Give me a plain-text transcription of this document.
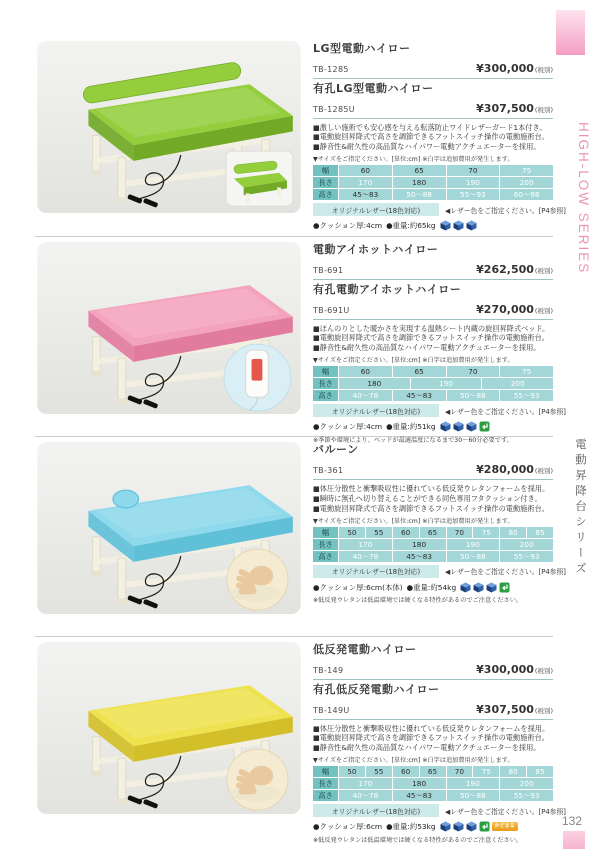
LG型電動ハイロー
TB-1285	¥300,000(税別)
有孔LG型電動ハイロー
TB-1285U	¥307,500(税別)
■激しい施術でも安心感を与える転落防止ワイドレザーガード1本付き。
■電動旋回昇降式で高さを調節できるフットスイッチ操作の電動施術台。
■静音性&耐久性の高品質なハイパワー電動アクチュエーターを採用。
▼サイズをご指定ください。[単位:cm] ※白字は追加費用が発生します。
幅	60	65	70	75
長さ	170	180	190	200
高さ	45〜83	50〜88	55〜93	60〜98
オリジナルレザー(18色対応)	◀レザー色をご指定ください。[P4参照]
●クッション厚:4cm ●重量:約65kg
電動アイホットハイロー
TB-691	¥262,500(税別)
有孔電動アイホットハイロー
TB-691U	¥270,000(税別)
■ほんのりとした暖かさを実現する温熱シート内蔵の旋回昇降式ベッド。
■電動旋回昇降式で高さを調節できるフットスイッチ操作の電動施術台。
■静音性&耐久性の高品質なハイパワー電動アクチュエーターを採用。
▼サイズをご指定ください。[単位:cm] ※白字は追加費用が発生します。
幅	60	65	70	75
長さ	180	190	200
高さ	40〜78	45〜83	50〜88	55〜93
オリジナルレザー(18色対応)	◀レザー色をご指定ください。[P4参照]
●クッション厚:4cm ●重量:約51kg
※季節や環境により、ベッドが最適温度になるまで30〜60分必要です。
バルーン
TB-361	¥280,000(税別)
■体圧分散性と衝撃吸収性に優れている低反発ウレタンフォームを採用。
■瞬時に無孔へ切り替えることができる同色専用フタクッション付き。
■電動旋回昇降式で高さを調節できるフットスイッチ操作の電動施術台。
▼サイズをご指定ください。[単位:cm] ※白字は追加費用が発生します。
幅	50	55	60	65	70	75	80	85
長さ	170	180	190	200
高さ	40〜78	45〜83	50〜88	55〜93
オリジナルレザー(18色対応)	◀レザー色をご指定ください。[P4参照]
●クッション厚:6cm(本体) ●重量:約54kg
※低反発ウレタンは低温環境では硬くなる特性があるのでご注意ください。
低反発電動ハイロー
TB-149	¥300,000(税別)
有孔低反発電動ハイロー
TB-149U	¥307,500(税別)
■体圧分散性と衝撃吸収性に優れている低反発ウレタンフォームを採用。
■電動旋回昇降式で高さを調節できるフットスイッチ操作の電動施術台。
■静音性&耐久性の高品質なハイパワー電動アクチュエーターを採用。
▼サイズをご指定ください。[単位:cm] ※白字は追加費用が発生します。
幅	50	55	60	65	70	75	80	85
長さ	170	180	190	200
高さ	40〜78	45〜83	50〜88	55〜93
オリジナルレザー(18色対応)	◀レザー色をご指定ください。[P4参照]
●クッション厚:6cm ●重量:約53kg	かどまる
※低反発ウレタンは低温環境では硬くなる特性があるのでご注意ください。
HIGH-LOW SERIES
電動昇降台シリーズ
132
